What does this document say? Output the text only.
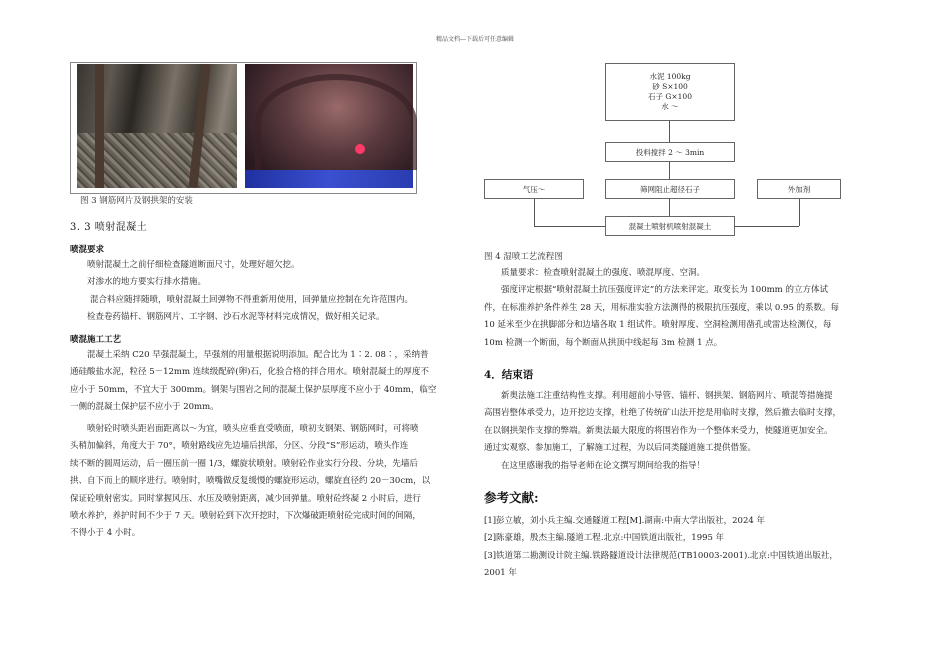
精品文档---下载后可任意编辑
图 3 钢筋网片及钢拱架的安装
3. 3 喷射混凝土
喷混要求
喷射混凝土之前仔细检查隧道断面尺寸，处理好超欠挖。
对渗水的地方要实行排水措施。
混合料应随拌随喷，喷射混凝土回弹物不得重新用使用，回弹量应控制在允许范围内。
检查卷药锚杆、钢筋网片、工字钢、沙石水泥等材料完成情况，做好相关记录。
喷混施工工艺
混凝土采纳 C20 早强混凝土，早强剂的用量根据说明添加。配合比为 1∶2. 08∶，采纳普
通硅酸盐水泥，粒径 5－12mm 连续级配碎(卵)石，化验合格的拌合用水。喷射混凝土的厚度不
应小于 50mm，不宜大于 300mm。钢架与围岩之间的混凝土保护层厚度不应小于 40mm，临空
一侧的混凝土保护层不应小于 20mm。
喷射砼时喷头距岩面距离以～为宜，喷头应垂直受喷面，喷初支钢架、钢筋网时，可将喷
头稍加偏斜，角度大于 70°，喷射路线应先边墙后拱部，分区、分段“S”形运动，喷头作连
续不断的圆周运动，后一圈压前一圈 1/3，螺旋状喷射。喷射砼作业实行分段、分块，先墙后
拱、自下而上的顺序进行。喷射时，喷嘴做反复缓慢的螺旋形运动，螺旋直径约 20－30cm，以
保证砼喷射密实。同时掌握风压、水压及喷射距离，减少回弹量。喷射砼终凝 2 小时后，进行
喷水养护，养护时间不少于 7 天。喷射砼到下次开挖时，下次爆破距喷射砼完成时间的间隔，
不得小于 4 小时。
水泥 100kg
砂 S×100
石子 G×100
水 ～
投料搅拌 2 ～ 3min
气压～	筛网阻止超径石子	外加剂
混凝土喷射机喷射混凝土
图 4 湿喷工艺流程图
质量要求：检查喷射混凝土的强度、喷混厚度、空洞。
强度评定根据“喷射混凝土抗压强度评定”的方法来评定。取变长为 100mm 的立方体试
件，在标准养护条件养生 28 天，用标准实验方法测得的极限抗压强度，乘以 0.95 的系数。每
10 延米至少在拱脚部分和边墙各取 1 组试件。喷射厚度、空洞检测用凿孔或雷达检测仪，每
10m 检测一个断面，每个断面从拱顶中线起每 3m 检测 1 点。
4．结束语
新奥法施工注重结构性支撑。利用超前小导管、锚杆、钢拱架、钢筋网片、喷混等措施提
高围岩整体承受力，边开挖边支撑，杜绝了传统矿山法开挖是用临时支撑，然后撤去临时支撑，
在以钢拱架作支撑的弊端。新奥法最大限度的将围岩作为一个整体来受力，使隧道更加安全。
通过实观察、参加施工，了解施工过程，为以后同类隧道施工提供借鉴。
在这里感谢我的指导老师在论文撰写期间给我的指导！
参考文献:
[1]彭立敏，刘小兵主编.交通隧道工程[M].湖南:中南大学出版社，2024 年
[2]陈豪雄，殷杰主编.隧道工程.北京:中国铁道出版社，1995 年
[3]铁道第二勘测设计院主编.铁路隧道设计法律规范(TB10003-2001).北京:中国铁道出版社，
2001 年
